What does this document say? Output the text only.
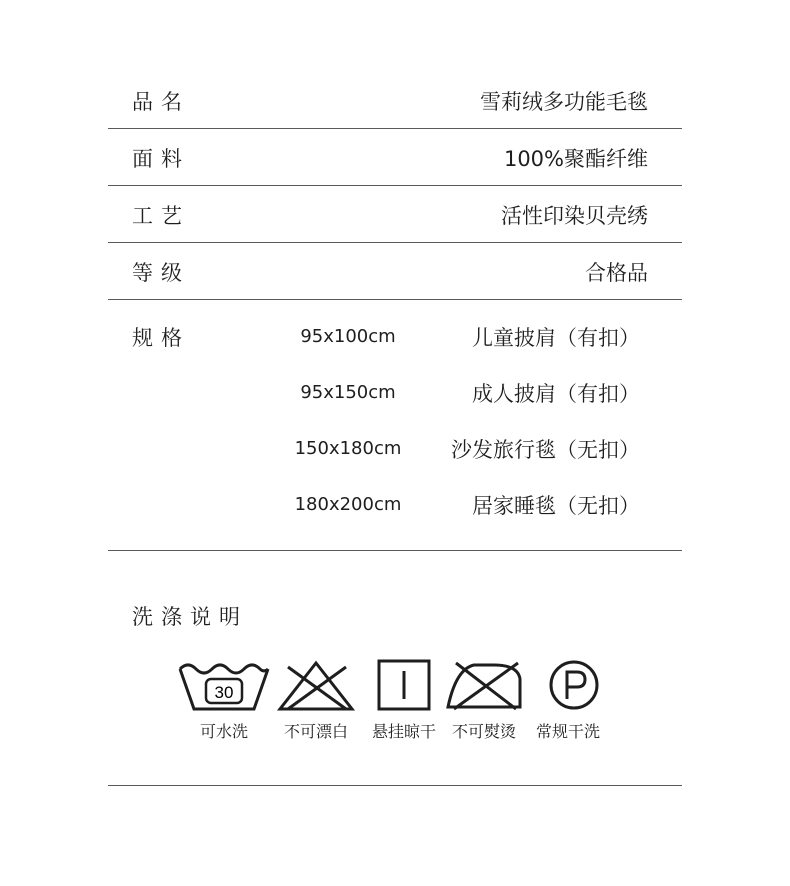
品名	雪莉绒多功能毛毯
面料	100%聚酯纤维
工艺	活性印染贝壳绣
等级	合格品
规格	95x100cm	儿童披肩（有扣）
95x150cm	成人披肩（有扣）
150x180cm	沙发旅行毯（无扣）
180x200cm	居家睡毯（无扣）
洗涤说明
30
可水洗	不可漂白	悬挂晾干 不可熨烫	常规干洗
